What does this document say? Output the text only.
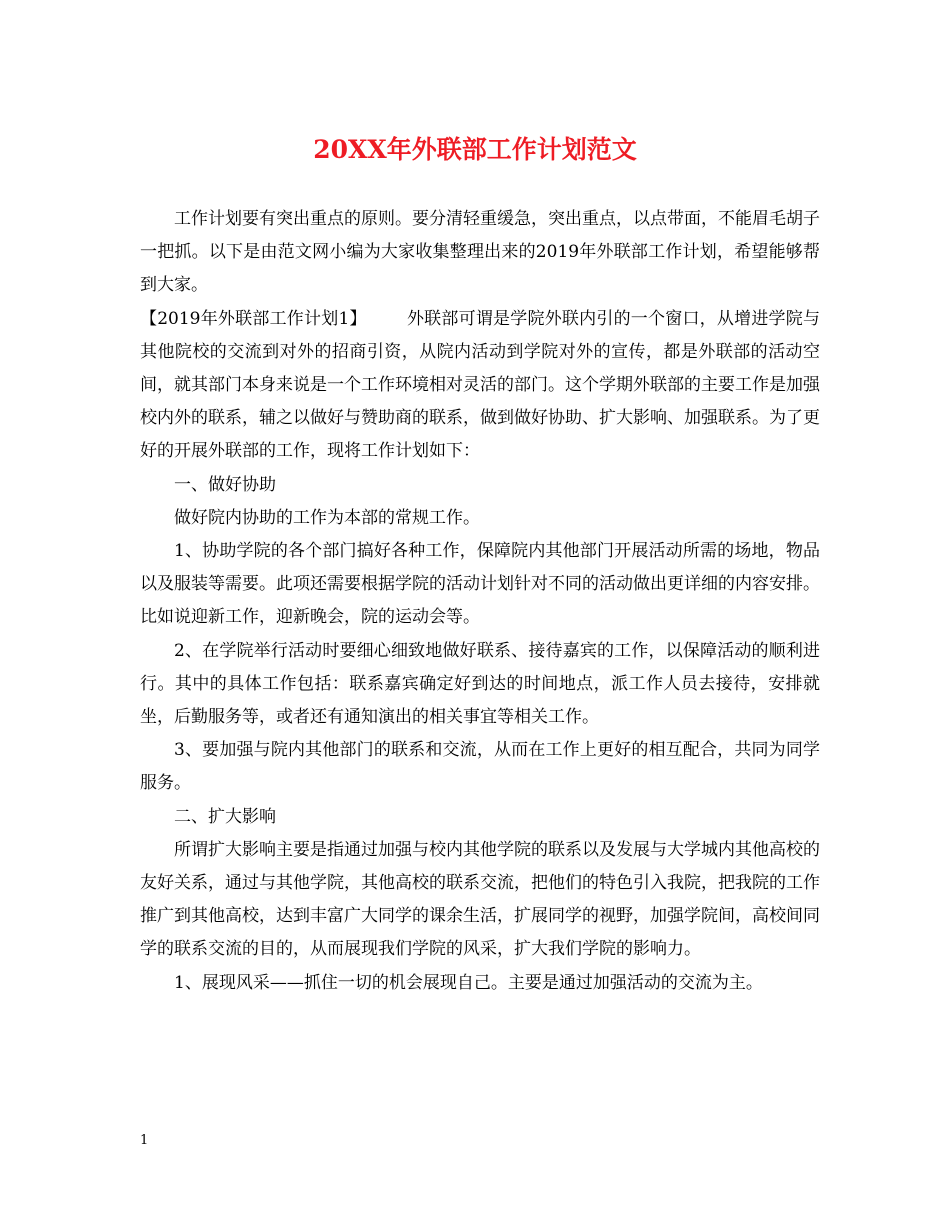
20XX年外联部工作计划范文

工作计划要有突出重点的原则。要分清轻重缓急，突出重点，以点带面，不能眉毛胡子一把抓。以下是由范文网小编为大家收集整理出来的2019年外联部工作计划，希望能够帮到大家。

【2019年外联部工作计划1】 外联部可谓是学院外联内引的一个窗口，从增进学院与其他院校的交流到对外的招商引资，从院内活动到学院对外的宣传，都是外联部的活动空间，就其部门本身来说是一个工作环境相对灵活的部门。这个学期外联部的主要工作是加强校内外的联系，辅之以做好与赞助商的联系，做到做好协助、扩大影响、加强联系。为了更好的开展外联部的工作，现将工作计划如下：

一、做好协助

做好院内协助的工作为本部的常规工作。

1、协助学院的各个部门搞好各种工作，保障院内其他部门开展活动所需的场地，物品以及服装等需要。此项还需要根据学院的活动计划针对不同的活动做出更详细的内容安排。比如说迎新工作，迎新晚会，院的运动会等。

2、在学院举行活动时要细心细致地做好联系、接待嘉宾的工作，以保障活动的顺利进行。其中的具体工作包括：联系嘉宾确定好到达的时间地点，派工作人员去接待，安排就坐，后勤服务等，或者还有通知演出的相关事宜等相关工作。

3、要加强与院内其他部门的联系和交流，从而在工作上更好的相互配合，共同为同学服务。

二、扩大影响

所谓扩大影响主要是指通过加强与校内其他学院的联系以及发展与大学城内其他高校的友好关系，通过与其他学院，其他高校的联系交流，把他们的特色引入我院，把我院的工作推广到其他高校，达到丰富广大同学的课余生活，扩展同学的视野，加强学院间，高校间同学的联系交流的目的，从而展现我们学院的风采，扩大我们学院的影响力。

1、展现风采——抓住一切的机会展现自己。主要是通过加强活动的交流为主。

1
